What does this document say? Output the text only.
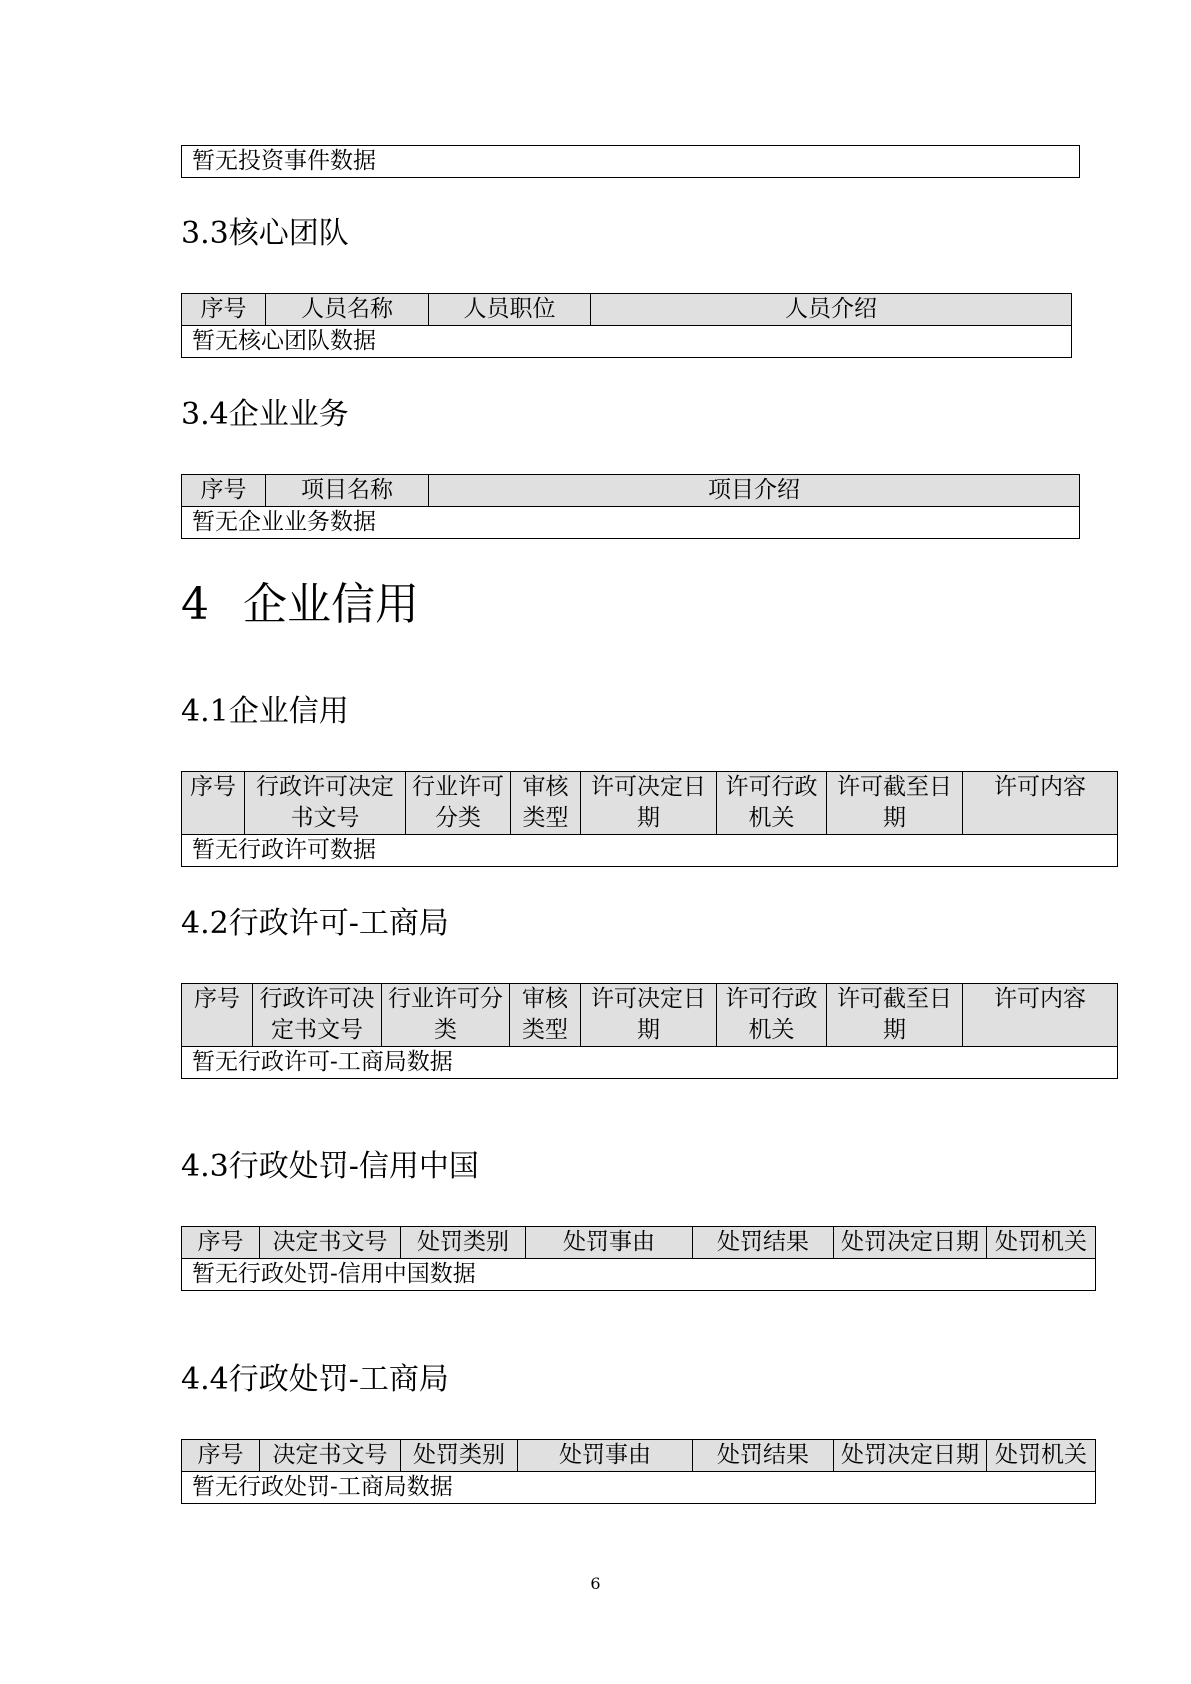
暂无投资事件数据
3.3核心团队
序号	人员名称	人员职位	人员介绍
暂无核心团队数据
3.4企业业务
序号	项目名称	项目介绍
暂无企业业务数据
4 企业信用
4.1企业信用
序号	行政许可决定书文号	行业许可分类	审核类型	许可决定日期	许可行政机关	许可截至日期	许可内容
暂无行政许可数据
4.2行政许可-工商局
序号	行政许可决定书文号	行业许可分类	审核类型	许可决定日期	许可行政机关	许可截至日期	许可内容
暂无行政许可-工商局数据
4.3行政处罚-信用中国
序号	决定书文号	处罚类别	处罚事由	处罚结果	处罚决定日期	处罚机关
暂无行政处罚-信用中国数据
4.4行政处罚-工商局
序号	决定书文号	处罚类别	处罚事由	处罚结果	处罚决定日期	处罚机关
暂无行政处罚-工商局数据
6
